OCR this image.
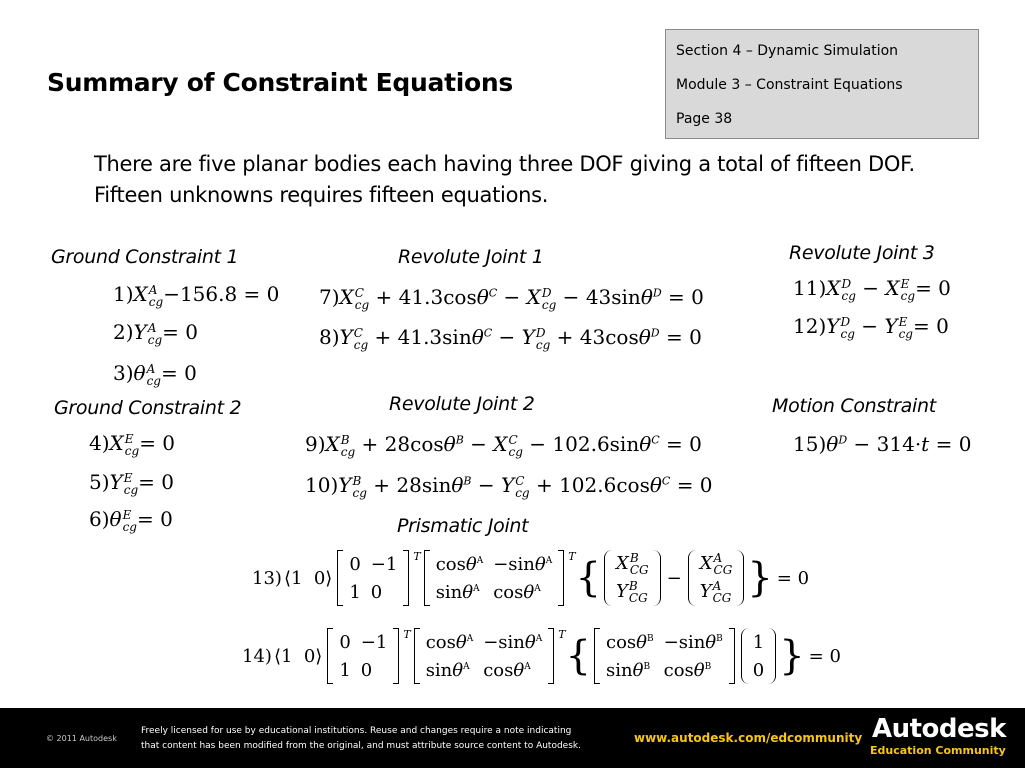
Summary of Constraint Equations
Section 4 – Dynamic Simulation
Module 3 – Constraint Equations
Page 38
There are five planar bodies each having three DOF giving a total of fifteen DOF. Fifteen unknowns requires fifteen equations.
Ground Constraint 1
Ground Constraint 2
Revolute Joint 1
Revolute Joint 2
Revolute Joint 3
Motion Constraint
Prismatic Joint
1)X A
cg −156.8 = 0
2)Y A
cg = 0
3)θ A
cg = 0
4)X E
cg = 0
5)Y E
cg = 0
6)θ E
cg = 0
7)X C
cg + 41.3cosθ$^C$ − X D
cg − 43sinθ$^D$ = 0
8)Y C
cg + 41.3sinθ$^C$ − Y D
cg + 43cosθ$^D$ = 0
9)X B
cg + 28cosθ$^B$ − X C
cg − 102.6sinθ$^C$ = 0
10)Y B
cg + 28sinθ$^B$ − Y C
cg + 102.6cosθ$^C$ = 0
11)X D
cg − X E
cg = 0
12)Y D
cg − Y E
cg = 0
$15)\theta^D - 314\cdot t = 0$
13) ⟨1  0⟩
0 −1
1 0
T cosθ$^A$ −sinθ$^A$
sinθ$^A$ cosθ$^A$
T { X B
CG
Y B
CG
−
X A
CG
Y A
CG } = 0
14) ⟨1  0⟩
0 −1
1 0
T cosθ$^A$ −sinθ$^A$
sinθ$^A$ cosθ$^A$
T { cosθ$^B$ −sinθ$^B$
sinθ$^B$ cosθ$^B$
1
0 } = 0
© 2011 Autodesk
Freely licensed for use by educational institutions. Reuse and changes require a note indicating
that content has been modified from the original, and must attribute source content to Autodesk.
www.autodesk.com/edcommunity Autodesk
Education Community
